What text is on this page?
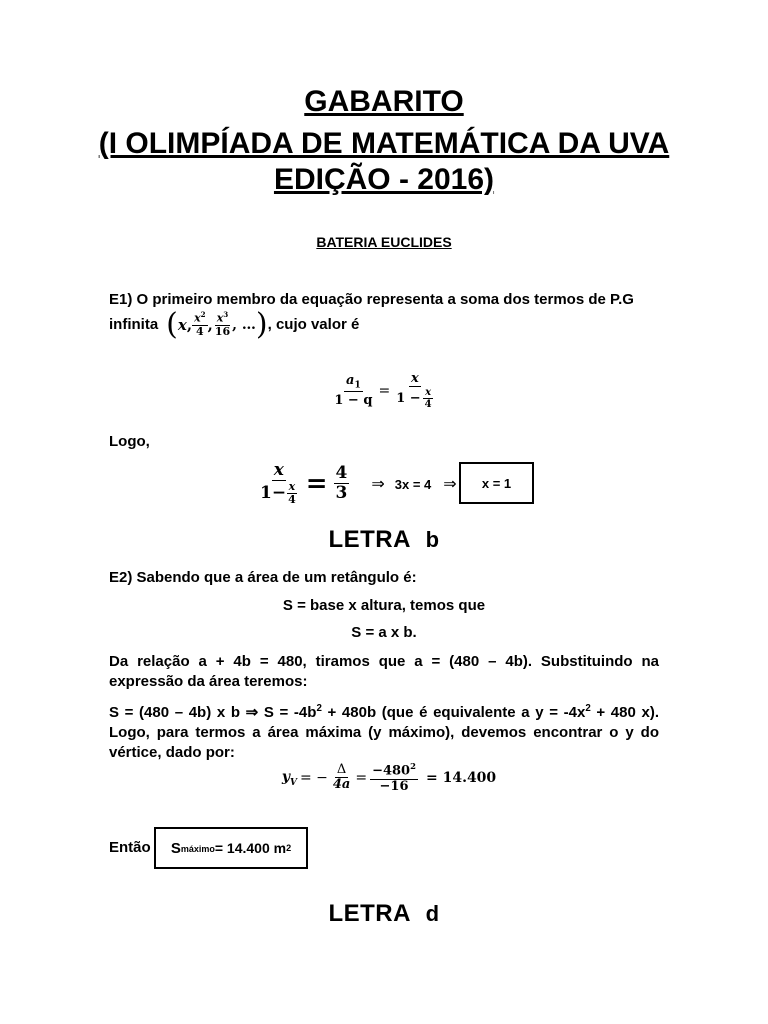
GABARITO
(I OLIMPÍADA DE MATEMÁTICA DA UVA
EDIÇÃO - 2016)
BATERIA EUCLIDES
E1) O primeiro membro da equação representa a soma dos termos de P.G
infinita ( x , $\frac{x^2}{4}$ , $\frac{x^3}{16}$ , … ) , cujo valor é
$\frac{a_1}{1 - q} = \frac{x}{1 - \frac{x}{4}}$
Logo,
$\frac{x}{1- \frac{x}{4}} = \frac{4}{3}$ ⇒ 3x = 4 ⇒ x = 1
LETRA b
E2) Sabendo que a área de um retângulo é:
S = base x altura, temos que
S = a x b.
Da relação a + 4b = 480, tiramos que a = (480 – 4b). Substituindo na expressão da área teremos:
S = (480 – 4b) x b ⇒ $S = -4b^2 + 480b$ (que é equivalente a $y = -4x^2 + 480$ x). Logo, para termos a área máxima (y máximo), devemos encontrar o y do vértice, dado por:
$y_V$ = − $\frac{\Delta}{4a} = \frac{-480^2}{-16} = 14.400$
Então S máximo = 14.400 m 2
LETRA d
